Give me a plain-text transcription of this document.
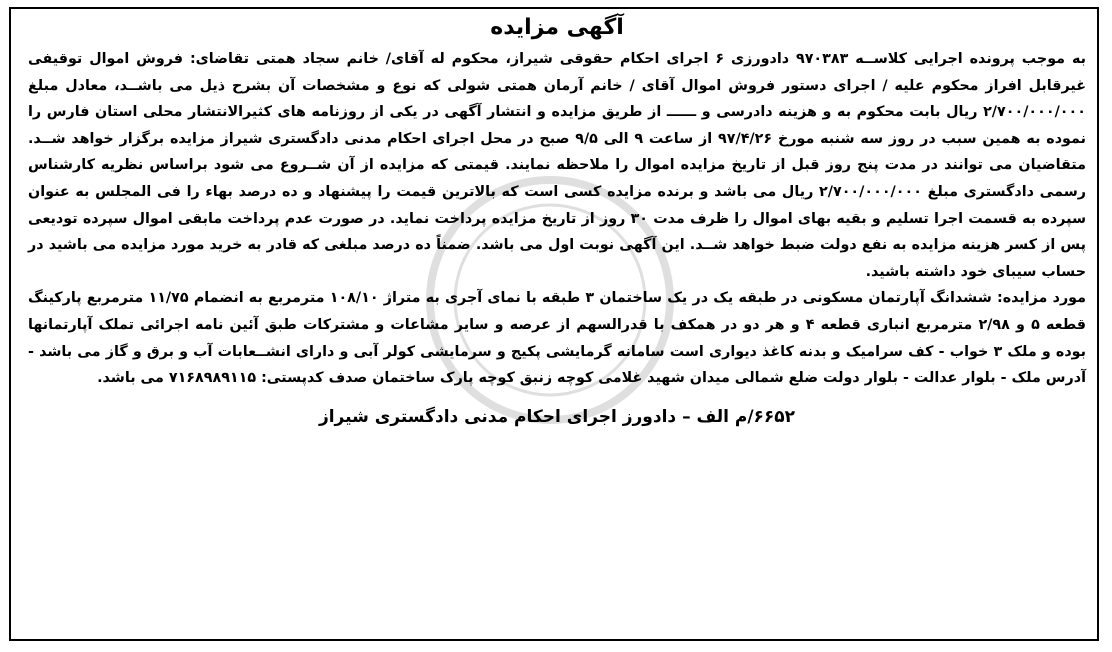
آگهی مزایده

به موجب پرونده اجرایی کلاســه ۹۷۰۳۸۳ دادورزی ۶ اجرای احکام حقوقی شیراز، محکوم له آقای/ خانم سجاد همتی تقاضای: فروش اموال توقیفی غیرقابل افراز محکوم علیه / اجرای دستور فروش اموال آقای / خانم آرمان همتی شولی که نوع و مشخصات آن بشرح ذیل می باشــد، معادل مبلغ ۲/۷۰۰/۰۰۰/۰۰۰ ریال بابت محکوم به و هزینه دادرسی و ــــــ از طریق مزایده و انتشار آگهی در یکی از روزنامه های کثیرالانتشار محلی استان فارس را نموده به همین سبب در روز سه شنبه مورخ ۹۷/۴/۲۶ از ساعت ۹ الی ۹/۵ صبح در محل اجرای احکام مدنی دادگستری شیراز مزایده برگزار خواهد شــد. متقاضیان می توانند در مدت پنج روز قبل از تاریخ مزایده اموال را ملاحظه نمایند. قیمتی که مزایده از آن شــروع می شود براساس نظریه کارشناس رسمی دادگستری مبلغ ۲/۷۰۰/۰۰۰/۰۰۰ ریال می باشد و برنده مزایده کسی است که بالاترین قیمت را پیشنهاد و ده درصد بهاء را فی المجلس به عنوان سپرده به قسمت اجرا تسلیم و بقیه بهای اموال را ظرف مدت ۳۰ روز از تاریخ مزایده پرداخت نماید. در صورت عدم پرداخت مابقی اموال سپرده تودیعی پس از کسر هزینه مزایده به نفع دولت ضبط خواهد شــد. این آگهی نوبت اول می باشد. ضمناً ده درصد مبلغی که قادر به خرید مورد مزایده می باشید در حساب سیبای خود داشته باشید.

مورد مزایده: ششدانگ آپارتمان مسکونی در طبقه یک در یک ساختمان ۳ طبقه با نمای آجری به متراژ ۱۰۸/۱۰ مترمربع به انضمام ۱۱/۷۵ مترمربع پارکینگ قطعه ۵ و ۲/۹۸ مترمربع انباری قطعه ۴ و هر دو در همکف با قدرالسهم از عرصه و سایر مشاعات و مشترکات طبق آئین نامه اجرائی تملک آپارتمانها بوده و ملک ۳ خواب - کف سرامیک و بدنه کاغذ دیواری است سامانه گرمایشی پکیج و سرمایشی کولر آبی و دارای انشــعابات آب و برق و گاز می باشد - آدرس ملک - بلوار عدالت - بلوار دولت ضلع شمالی میدان شهید غلامی کوچه زنبق کوچه پارک ساختمان صدف کدپستی: ۷۱۶۸۹۸۹۱۱۵ می باشد.

۶۶۵۲/م الف – دادورز اجرای احکام مدنی دادگستری شیراز
